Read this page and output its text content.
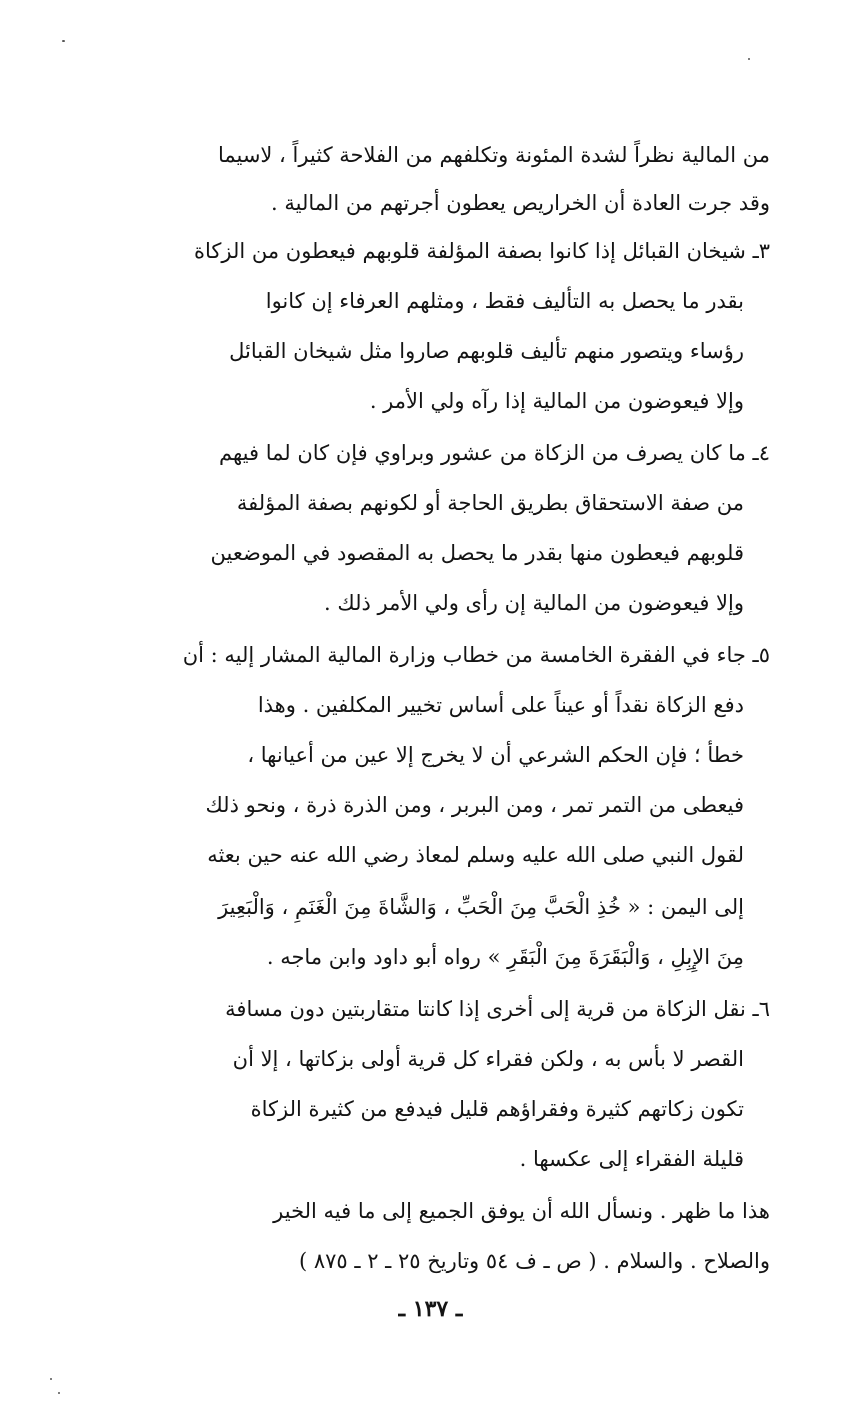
من المالية نظراً لشدة المئونة وتكلفهم من الفلاحة كثيراً ، لاسيما
وقد جرت العادة أن الخراريص يعطون أجرتهم من المالية .
٣ـ شيخان القبائل إذا كانوا بصفة المؤلفة قلوبهم فيعطون من الزكاة
بقدر ما يحصل به التأليف فقط ، ومثلهم العرفاء إن كانوا
رؤساء ويتصور منهم تأليف قلوبهم صاروا مثل شيخان القبائل
وإلا فيعوضون من المالية إذا رآه ولي الأمر .
٤ـ ما كان يصرف من الزكاة من عشور وبراوي فإن كان لما فيهم
من صفة الاستحقاق بطريق الحاجة أو لكونهم بصفة المؤلفة
قلوبهم فيعطون منها بقدر ما يحصل به المقصود في الموضعين
وإلا فيعوضون من المالية إن رأى ولي الأمر ذلك .
٥ـ جاء في الفقرة الخامسة من خطاب وزارة المالية المشار إليه : أن
دفع الزكاة نقداً أو عيناً على أساس تخيير المكلفين . وهذا
خطأ ؛ فإن الحكم الشرعي أن لا يخرج إلا عين من أعيانها ،
فيعطى من التمر تمر ، ومن البربر ، ومن الذرة ذرة ، ونحو ذلك
لقول النبي صلى الله عليه وسلم لمعاذ رضي الله عنه حين بعثه
إلى اليمن : « خُذِ الْحَبَّ مِنَ الْحَبِّ ، وَالشَّاةَ مِنَ الْغَنَمِ ، وَالْبَعِيرَ
مِنَ الإِبِلِ ، وَالْبَقَرَةَ مِنَ الْبَقَرِ » رواه أبو داود وابن ماجه .
٦ـ نقل الزكاة من قرية إلى أخرى إذا كانتا متقاربتين دون مسافة
القصر لا بأس به ، ولكن فقراء كل قرية أولى بزكاتها ، إلا أن
تكون زكاتهم كثيرة وفقراؤهم قليل فيدفع من كثيرة الزكاة
قليلة الفقراء إلى عكسها .
هذا ما ظهر . ونسأل الله أن يوفق الجميع إلى ما فيه الخير
والصلاح . والسلام . ( ص ـ ف ٥٤ وتاريخ ٢٥ ـ ٢ ـ ٨٧٥ )
ـ ١٣٧ ـ
